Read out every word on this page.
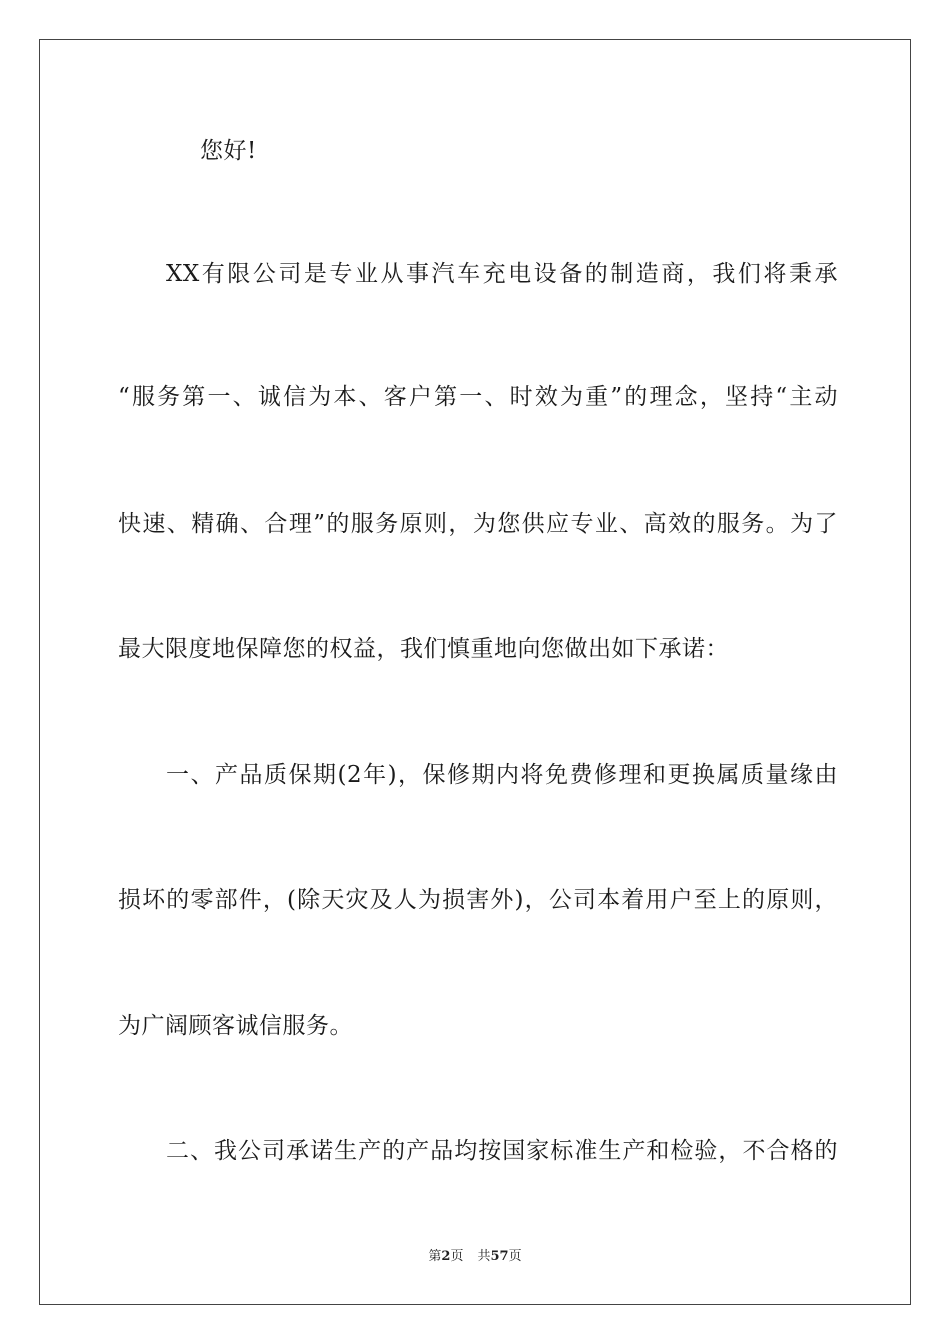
您好!
XX有限公司是专业从事汽车充电设备的制造商，我们将秉承
“服务第一、诚信为本、客户第一、时效为重”的理念，坚持“主动
快速、精确、合理”的服务原则，为您供应专业、高效的服务。为了
最大限度地保障您的权益，我们慎重地向您做出如下承诺：
一、产品质保期(2年)，保修期内将免费修理和更换属质量缘由
损坏的零部件，(除天灾及人为损害外)，公司本着用户至上的原则，
为广阔顾客诚信服务。
二、我公司承诺生产的产品均按国家标准生产和检验，不合格的
第2页 共57页
